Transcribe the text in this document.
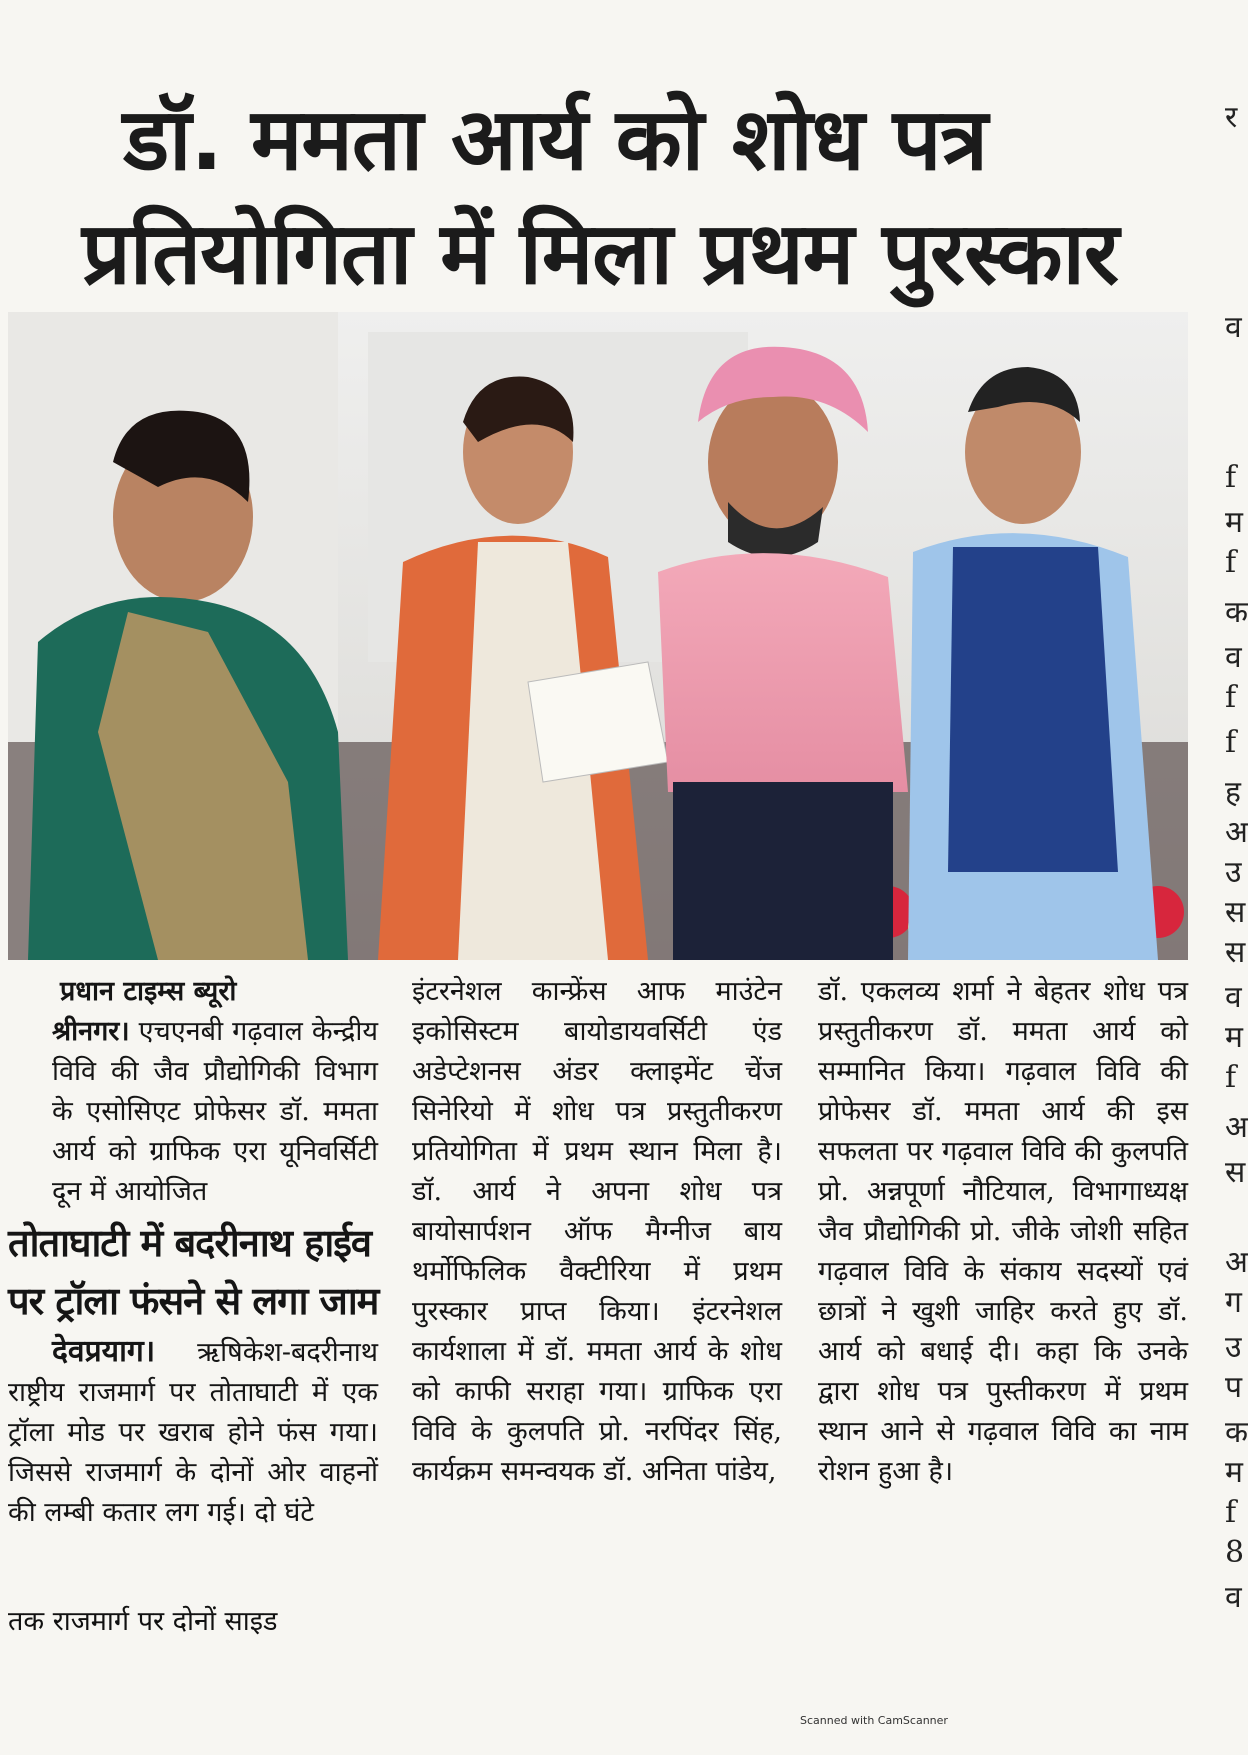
डॉ. ममता आर्य को शोध पत्र
प्रतियोगिता में मिला प्रथम पुरस्कार
र
व
f
म
f
क
व
f
f
ह
अ
उ
स
स
व
म
f
अ
स
अ
ग
उ
प
क
म
f
8
व

प्रधान टाइम्स ब्यूरो

श्रीनगर। एचएनबी गढ़वाल केन्द्रीय विवि की जैव प्रौद्योगिकी विभाग के एसोसिएट प्रोफेसर डॉ. ममता आर्य को ग्राफिक एरा यूनिवर्सिटी दून में आयोजित

तोताघाटी में बदरीनाथ हाईव
पर ट्रॉला फंसने से लगा जाम

देवप्रयाग। ऋषिकेश-बदरीनाथ राष्ट्रीय राजमार्ग पर तोताघाटी में एक ट्रॉला मोड पर खराब होने फंस गया। जिससे राजमार्ग के दोनों ओर वाहनों की लम्बी कतार लग गई। दो घंटे

तक राजमार्ग पर दोनों साइड

इंटरनेशल कान्फ्रेंस आफ माउंटेन इकोसिस्टम बायोडायवर्सिटी एंड अडेप्टेशनस अंडर क्लाइमेंट चेंज सिनेरियो में शोध पत्र प्रस्तुतीकरण प्रतियोगिता में प्रथम स्थान मिला है। डॉ. आर्य ने अपना शोध पत्र बायोसार्पशन ऑफ मैग्नीज बाय थर्मोफिलिक वैक्टीरिया में प्रथम पुरस्कार प्राप्त किया। इंटरनेशल कार्यशाला में डॉ. ममता आर्य के शोध को काफी सराहा गया। ग्राफिक एरा विवि के कुलपति प्रो. नरपिंदर सिंह, कार्यक्रम समन्वयक डॉ. अनिता पांडेय,

डॉ. एकलव्य शर्मा ने बेहतर शोध पत्र प्रस्तुतीकरण डॉ. ममता आर्य को सम्मानित किया। गढ़वाल विवि की प्रोफेसर डॉ. ममता आर्य की इस सफलता पर गढ़वाल विवि की कुलपति प्रो. अन्नपूर्णा नौटियाल, विभागाध्यक्ष जैव प्रौद्योगिकी प्रो. जीके जोशी सहित गढ़वाल विवि के संकाय सदस्यों एवं छात्रों ने खुशी जाहिर करते हुए डॉ. आर्य को बधाई दी। कहा कि उनके द्वारा शोध पत्र पुस्तीकरण में प्रथम स्थान आने से गढ़वाल विवि का नाम रोशन हुआ है।

Scanned with CamScanner
